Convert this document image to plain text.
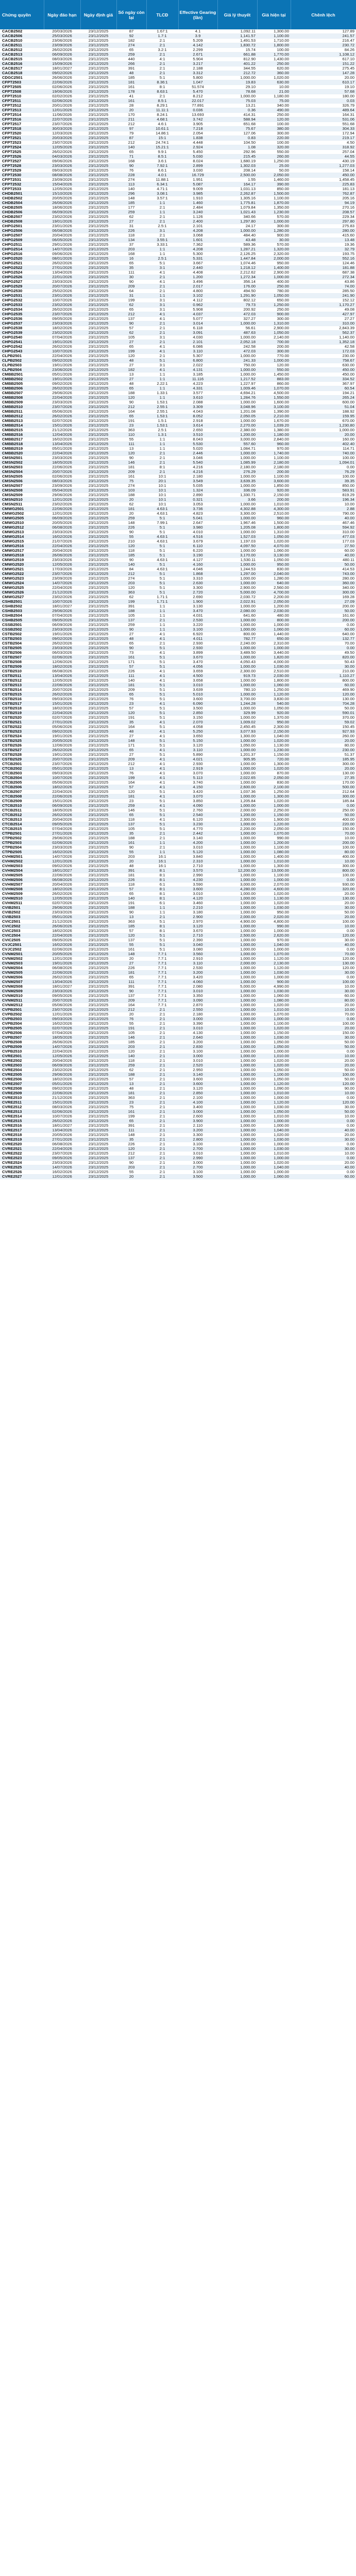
Chứng quyền	Ngày đáo hạn	Ngày định giá	Số ngày còn lại	TLCĐ	Effective Gearing (lần)	Giá lý thuyết	Giá hiện tại	Chênh lệch
CACB2502	20/03/2026	23/12/2025	87	1.67:1	4.1	1,092.11	1,300.00	127.89
CACB2506	25/03/2026	23/12/2025	92	1.7:1	3.9	1,141.57	1,100.00	241.57
CACB2510	23/06/2026	23/12/2025	182	2:1	5.209	1,491.53	1,710.00	216.47
CACB2511	23/09/2026	23/12/2025	274	2:1	4.142	1,830.72	1,800.00	230.72
CACB2512	26/02/2026	23/12/2025	65	3.2:1	2.299	15.74	100.00	84.26
CACB2513	06/09/2026	23/12/2025	259	2:1	2.671	661.88	1,770.00	1,108.12
CACB2515	08/03/2026	23/12/2025	440	4:1	5.904	812.90	1,430.00	617.10
CACB2516	15/09/2026	23/12/2025	266	2:1	3.217	401.22	250.00	151.22
CACB2517	18/01/2027	23/12/2025	391	2:1	2.188	344.55	620.00	275.45
CACB2518	09/02/2026	23/12/2025	48	2:1	3.312	212.72	360.00	147.28
CDGC2501	26/06/2026	23/12/2025	185	5:1	5.800	1,000.00	1,020.00	20.00
CFPT2503	22/06/2026	23/12/2025	181	8.36:1	1.047	19.83	630.00	610.17
CFPT2505	02/06/2026	23/12/2025	161	8:1	51.574	29.10	10.00	19.10
CFPT2508	19/06/2026	23/12/2025	178	8.63:1	5.470	78.68	21.00	57.68
CFPT2510	02/02/2026	23/12/2025	41	2:1	8.212	1,000.00	1,180.00	180.00
CFPT2511	02/06/2026	23/12/2025	161	8.5:1	22.017	75.03	75.00	0.03
CFPT2512	20/01/2026	23/12/2025	28	8.29:1	77.891	13.21	340.00	326.79
CFPT2513	12/01/2026	23/12/2025	20	11.11:1	0.036	0.36	490.00	489.64
CFPT2514	11/06/2026	23/12/2025	170	8.24:1	13.693	414.31	250.00	164.31
CFPT2516	22/07/2026	23/12/2025	211	4.68:1	3.742	588.94	120.00	531.06
CFPT2517	23/07/2026	23/12/2025	212	4.6:1	3.905	651.68	100.00	551.68
CFPT2518	30/03/2026	23/12/2025	97	10.61:1	7.218	75.67	380.00	304.33
CFPT2520	12/03/2026	23/12/2025	79	14.86:1	2.054	127.06	300.00	172.94
CFPT2521	20/03/2026	23/12/2025	87	15:1	1.838	0.83	220.00	219.17
CFPT2523	23/07/2026	23/12/2025	212	24.74:1	4.448	104.50	100.00	4.50
CFPT2524	12/05/2026	23/12/2025	140	15.21:1	2.924	1.08	320.00	318.92
CFPT2525	26/02/2026	23/12/2025	65	9.9:1	5.450	292.96	550.00	257.04
CFPT2526	04/03/2026	23/12/2025	71	8.5:1	5.030	215.45	260.00	44.55
CFPT2527	09/06/2026	23/12/2025	168	3.6:1	8.024	1,680.19	1,250.00	430.19
CFPT2528	23/03/2026	23/12/2025	90	7.92:1	2.899	1,302.03	25.00	1,277.03
CFPT2529	09/03/2026	23/12/2025	76	8.6:1	3.030	208.14	50.00	158.14
CFPT2530	08/08/2026	23/12/2025	228	4.0:1	16.729	2,500.00	2,050.00	450.00
CFPT2531	23/09/2026	23/12/2025	274	11.88:1	1.951	1.55	1,460.00	1,458.45
CFPT2532	15/04/2026	23/12/2025	113	6.34:1	5.087	164.17	390.00	225.83
CFPT2533	12/05/2026	23/12/2025	140	4.71:1	9.009	1,031.13	850.00	181.13
CHDB2501	15/10/2026	23/12/2025	296	3.08:1	3.985	2,262.87	1,500.00	762.87
CHDB2502	20/05/2026	23/12/2025	148	3.57:1	1.910	1,305.16	1,100.00	205.16
CHDB2504	26/06/2026	23/12/2025	185	1:1	1.460	1,775.81	1,870.00	94.19
CHDB2505	18/06/2026	23/12/2025	177	2:1	2.484	1,079.84	1,350.00	270.16
CHDB2506	06/09/2026	23/12/2025	259	1:1	3.240	1,021.43	1,230.00	208.57
CHDB2507	23/02/2026	23/12/2025	62	2:1	1.126	340.66	570.00	229.34
CHDB2508	19/01/2026	23/12/2025	27	2:1	2.400	1,297.80	1,000.00	297.80
CHPG2501	23/01/2026	23/12/2025	31	2.5:1	2.101	24.17	300.00	275.83
CHPG2506	06/08/2026	23/12/2025	226	3:1	4.208	1,000.00	1,280.00	280.00
CHPG2507	20/04/2026	23/12/2025	118	2:1	3.068	484.40	900.00	415.60
CHPG2509	06/05/2026	23/12/2025	134	3.55:1	1.601	43.48	30.00	13.48
CHPG2511	29/01/2026	23/12/2025	37	3.33:1	7.362	589.36	570.00	19.36
CHPG2514	14/07/2026	23/12/2025	203	1:1	4.208	1,287.21	1,320.00	32.79
CHPG2516	09/06/2026	23/12/2025	168	1:1	5.300	2,126.25	2,320.00	193.75
CHPG2520	08/01/2026	23/12/2025	16	2.5:1	5.331	1,447.84	2,000.00	552.16
CHPG2521	26/02/2026	23/12/2025	65	5:1	3.667	1,074.46	950.00	124.46
CHPG2522	27/01/2026	23/12/2025	35	3:1	2.440	1,218.12	1,400.00	181.88
CHPG2524	13/04/2026	23/12/2025	111	4:1	4.408	2,212.62	2,900.00	687.38
CHPG2526	22/01/2026	23/12/2025	30	2:1	1.200	1,272.34	1,000.00	272.34
CHPG2527	23/03/2026	23/12/2025	90	4:1	3.496	356.14	400.00	43.86
CHPG2529	20/07/2026	23/12/2025	209	2:1	2.017	176.00	250.00	74.00
CHPG2530	25/02/2026	23/12/2025	64	2:1	4.800	494.50	780.00	285.50
CHPG2531	23/01/2026	23/12/2025	31	1:1	3.102	1,291.90	1,050.00	241.90
CHPG2532	10/07/2026	23/12/2025	199	3:1	4.112	802.12	650.00	152.12
CHPG2533	23/02/2026	23/12/2025	62	3:1	0.962	79.73	1,250.00	1,170.27
CHPG2534	26/02/2026	23/12/2025	65	3:1	5.908	200.92	250.00	49.08
CHPG2535	23/07/2026	23/12/2025	212	4:1	4.037	472.03	900.00	427.97
CHPG2536	09/05/2026	23/12/2025	137	4:1	5.077	327.27	300.00	27.27
CHPG2537	23/03/2026	23/12/2025	90	2:1	3.014	1,000.00	1,310.00	310.00
CHPG2538	18/02/2026	23/12/2025	57	2:1	6.118	56.61	2,900.00	2,843.39
CHPG2539	23/02/2026	23/12/2025	62	2:1	3.091	487.63	1,050.00	562.37
CHPG2540	07/04/2026	23/12/2025	105	3:1	4.030	1,000.00	2,140.00	1,140.00
CHPG2541	19/01/2026	23/12/2025	27	2:1	2.101	2,052.18	700.00	1,352.18
CHPG2542	26/02/2026	23/12/2025	65	4:1	6.086	242.58	200.00	42.58
CHPG2543	10/07/2026	23/12/2025	199	4:1	3.110	472.03	300.00	172.03
CLPB2501	22/04/2026	23/12/2025	120	2:1	5.307	1,000.00	770.00	230.00
CLPB2502	09/02/2026	23/12/2025	48	5:1	6.800	241.33	1,000.00	758.67
CLPB2503	19/01/2026	23/12/2025	27	3:1	2.022	750.00	120.00	630.00
CLPB2504	23/06/2026	23/12/2025	182	4:1	4.131	1,000.00	550.00	450.00
CMBB2501	05/01/2026	23/12/2025	13	1:1	3.185	1,000.00	1,450.00	450.00
CMBB2502	19/01/2026	23/12/2025	27	1:1	11.116	1,217.52	883.00	334.52
CMBB2505	09/02/2026	23/12/2025	48	2.22:1	4.223	1,227.97	860.00	367.97
CMBB2506	26/02/2026	23/12/2025	65	1:1	4.331	1,009.46	1,070.00	60.54
CMBB2507	29/06/2026	23/12/2025	188	1.33:1	3.577	4,694.21	4,500.00	194.21
CMBB2508	22/04/2026	23/12/2025	120	1:1	3.610	1,284.76	1,550.00	265.24
CMBB2509	23/03/2026	23/12/2025	90	1.53:1	2.088	1,000.00	1,600.00	600.00
CMBB2510	23/07/2026	23/12/2025	212	2.55:1	3.309	3,048.96	3,100.00	51.04
CMBB2511	05/06/2026	23/12/2025	164	2.55:1	4.043	1,201.08	1,390.00	188.92
CMBB2512	26/02/2026	23/12/2025	65	1.53:1	8.052	2,050.05	2,210.00	159.95
CMBB2513	02/07/2026	23/12/2025	191	1.5:1	2.918	1,000.00	1,670.00	670.00
CMBB2514	15/01/2026	23/12/2025	23	1.53:1	3.614	2,270.00	1,039.20	1,230.80
CMBB2515	21/12/2026	23/12/2025	363	2.5:1	2.650	2,380.00	1,380.00	1,000.00
CMBB2516	12/04/2026	23/12/2025	110	1.3:1	3.510	1,200.00	1,180.00	20.00
CMBB2517	16/02/2026	23/12/2025	55	1:1	8.043	3,000.00	2,840.00	160.00
CMBB2518	13/04/2026	23/12/2025	111	1:1	5.530	557.60	960.00	402.40
CMBB2519	05/01/2026	23/12/2025	13	1:1	5.020	1,084.71	970.00	114.71
CMBB2520	22/04/2026	23/12/2025	120	2:1	2.446	1,000.00	1,740.00	740.00
CMSN2501	23/03/2026	23/12/2025	90	2:1	3.046	1,000.00	1,100.00	100.00
CMSN2502	18/05/2026	23/12/2025	146	2:1	5.540	1,085.99	2,180.00	1,094.01
CMSN2503	22/06/2026	23/12/2025	181	8:1	4.216	2,180.00	2,180.00	0.00
CMSN2504	20/07/2026	23/12/2025	209	2:1	4.216	276.29	200.00	76.29
CMSN2505	02/06/2026	23/12/2025	161	10:1	2.180	1,000.00	1,100.00	100.00
CMSN2506	08/03/2026	23/12/2025	75	20:1	3.549	3,639.35	3,600.00	39.35
CMSN2507	23/09/2026	23/12/2025	274	10:1	5.035	1,000.00	1,850.00	850.00
CMSN2508	05/04/2026	23/12/2025	103	10:1	1.324	336.09	920.00	583.91
CMSN2509	29/06/2026	23/12/2025	188	10:1	2.890	1,330.71	2,150.00	819.29
CMSN2510	12/01/2026	23/12/2025	20	10:1	0.321	3.66	200.00	196.34
CMSN2511	23/02/2026	23/12/2025	62	10:1	3.053	1,000.00	1,010.00	10.00
CMWG2501	22/06/2026	23/12/2025	181	4.63:1	3.736	4,302.88	4,300.00	2.88
CMWG2502	12/01/2026	23/12/2025	20	4.63:1	4.823	3,300.00	2,510.00	790.00
CMWG2505	06/09/2026	23/12/2025	259	5:1	5.041	1,000.00	960.00	40.00
CMWG2510	20/05/2026	23/12/2025	148	7.99:1	2.647	1,967.46	1,500.00	467.46
CMWG2512	06/08/2026	23/12/2025	226	5:1	3.980	1,205.08	1,800.00	594.92
CMWG2513	23/03/2026	23/12/2025	90	5:1	4.010	1,000.00	1,310.00	310.00
CMWG2514	16/02/2026	23/12/2025	55	4.63:1	4.516	1,527.03	1,050.00	477.03
CMWG2515	21/07/2026	23/12/2025	210	4.63:1	3.679	1,197.03	1,020.00	177.03
CMWG2516	22/04/2026	23/12/2025	120	5:1	6.110	4,097.50	4,070.00	27.50
CMWG2517	20/04/2026	23/12/2025	118	5:1	6.220	1,000.00	1,060.00	60.00
CMWG2518	26/06/2026	23/12/2025	185	5:1	3.190	3,170.00	3,130.00	40.00
CMWG2519	23/03/2026	23/12/2025	90	4.63:1	4.127	1,530.11	1,050.00	480.11
CMWG2520	12/05/2026	23/12/2025	140	5:1	4.160	1,000.00	950.00	50.00
CMWG2521	17/03/2026	23/12/2025	84	4.63:1	4.046	1,244.53	830.00	414.53
CMWG2522	23/07/2026	23/12/2025	212	5:1	1.868	1,297.00	2,040.00	743.00
CMWG2523	23/09/2026	23/12/2025	274	5:1	3.310	1,000.00	1,280.00	280.00
CMWG2524	14/07/2026	23/12/2025	203	5:1	2.630	1,000.00	640.00	360.00
CMWG2525	22/04/2026	23/12/2025	120	5:1	3.300	2,900.00	2,560.00	340.00
CMWG2526	21/12/2026	23/12/2025	363	5:1	2.720	5,000.00	4,700.00	300.00
CMWG2527	23/02/2026	23/12/2025	62	1.71:1	2.690	2,030.72	2,200.00	169.28
CSHB2501	10/07/2026	23/12/2025	199	1.71:1	1.900	2,022.91	2,050.00	27.09
CSHB2502	18/01/2027	23/12/2025	391	1:1	3.130	1,000.00	1,200.00	200.00
CSHB2503	29/06/2026	23/12/2025	188	1:1	3.470	2,080.00	2,030.00	50.00
CSHB2504	07/04/2026	23/12/2025	105	1:1	4.031	641.60	480.00	161.60
CSHB2505	09/05/2026	23/12/2025	137	2:1	2.530	1,000.00	800.00	200.00
CSSB2501	06/09/2026	23/12/2025	259	1:1	3.220	1,000.00	1,000.00	0.00
CSSB2502	23/03/2026	23/12/2025	90	1:1	3.100	1,000.00	1,060.00	60.00
CSTB2502	19/01/2026	23/12/2025	27	4:1	6.920	800.00	1,440.00	640.00
CSTB2503	09/02/2026	23/12/2025	48	4:1	4.011	782.77	650.00	132.77
CSTB2504	26/02/2026	23/12/2025	65	2:1	2.930	2,240.00	2,310.00	70.00
CSTB2505	23/03/2026	23/12/2025	90	5:1	2.930	1,000.00	1,000.00	0.00
CSTB2506	06/03/2026	23/12/2025	73	4:1	3.899	3,489.50	3,440.00	49.50
CSTB2507	02/06/2026	23/12/2025	161	5:1	3.670	1,000.00	1,820.00	820.00
CSTB2508	12/06/2026	23/12/2025	171	5:1	3.470	4,050.43	4,000.00	50.43
CSTB2509	18/02/2026	23/12/2025	57	5:1	4.056	1,000.00	1,030.00	30.00
CSTB2510	06/08/2026	23/12/2025	226	4:1	3.659	2,300.00	2,510.00	210.00
CSTB2511	13/04/2026	23/12/2025	111	4:1	4.500	919.73	2,030.00	1,110.27
CSTB2512	12/05/2026	23/12/2025	140	4:1	3.658	1,000.00	1,800.00	800.00
CSTB2513	22/06/2026	23/12/2025	181	5:1	3.010	1,000.00	1,060.00	60.00
CSTB2514	20/07/2026	23/12/2025	209	5:1	3.639	780.10	1,250.00	469.90
CSTB2515	26/02/2026	23/12/2025	65	5:1	5.010	1,000.00	1,120.00	120.00
CSTB2516	09/03/2026	23/12/2025	76	5:1	3.600	3,700.00	3,830.00	130.00
CSTB2517	15/01/2026	23/12/2025	23	4:1	6.090	1,244.28	540.00	704.28
CSTB2518	18/02/2026	23/12/2025	57	5:1	3.500	1,000.00	1,050.00	50.00
CSTB2519	22/04/2026	23/12/2025	120	5:1	2.850	329.99	920.00	590.01
CSTB2520	02/07/2026	23/12/2025	191	5:1	3.150	1,000.00	1,370.00	370.00
CSTB2521	27/01/2026	23/12/2025	35	4:1	2.070	1,009.02	950.00	59.02
CSTB2522	05/06/2026	23/12/2025	164	5:1	4.058	2,450.45	2,300.00	150.45
CSTB2523	09/02/2026	23/12/2025	48	4:1	5.250	3,077.93	2,150.00	927.93
CSTB2524	19/01/2026	23/12/2025	27	4:1	3.650	1,300.00	1,040.00	260.00
CSTB2525	20/05/2026	23/12/2025	148	5:1	5.150	1,000.00	1,020.00	20.00
CSTB2526	12/06/2026	23/12/2025	171	5:1	3.120	1,050.00	1,130.00	80.00
CSTB2527	26/02/2026	23/12/2025	65	4:1	3.110	1,000.00	1,230.00	230.00
CSTB2528	19/01/2026	23/12/2025	27	5:1	5.890	1,201.37	1,150.00	51.37
CSTB2529	20/07/2026	23/12/2025	209	4:1	4.021	905.95	720.00	185.95
CTCB2501	23/07/2026	23/12/2025	212	4:1	2.930	1,000.00	1,300.00	300.00
CTCB2502	05/01/2026	23/12/2025	13	4:1	2.919	1,000.00	1,020.00	20.00
CTCB2503	09/03/2026	23/12/2025	76	4:1	3.070	1,000.00	870.00	130.00
CTCB2504	10/07/2026	23/12/2025	199	4:1	5.113	2,022.65	2,050.00	27.35
CTCB2505	05/06/2026	23/12/2025	164	4:1	3.740	1,000.00	830.00	170.00
CTCB2506	18/02/2026	23/12/2025	57	4:1	4.150	2,600.00	2,100.00	500.00
CTCB2507	22/04/2026	23/12/2025	120	5:1	3.420	1,037.36	1,250.00	212.64
CTCB2508	22/06/2026	23/12/2025	181	4:1	3.070	1,000.00	1,300.00	300.00
CTCB2509	15/01/2026	23/12/2025	23	5:1	3.850	1,205.84	1,020.00	185.84
CTCB2510	06/09/2026	23/12/2025	259	4:1	4.090	1,000.00	1,000.00	0.00
CTCB2511	18/05/2026	23/12/2025	146	5:1	2.760	2,000.00	2,250.00	250.00
CTCB2512	26/02/2026	23/12/2025	65	5:1	2.540	1,200.00	1,150.00	50.00
CTCB2513	20/04/2026	23/12/2025	118	4:1	6.120	2,300.00	1,900.00	400.00
CTCB2514	09/05/2026	23/12/2025	137	5:1	3.230	1,000.00	1,220.00	220.00
CTCB2515	07/04/2026	23/12/2025	105	5:1	4.770	2,200.00	2,050.00	150.00
CTPB2501	27/01/2026	23/12/2025	35	2:1	2.442	1,000.00	1,070.00	70.00
CTPB2502	29/06/2026	23/12/2025	188	2:1	3.140	1,000.00	990.00	10.00
CTPB2503	02/06/2026	23/12/2025	161	1:1	4.200	1,000.00	1,200.00	200.00
CTPB2504	23/03/2026	23/12/2025	90	2:1	3.010	1,000.00	1,100.00	100.00
CTPB2505	16/02/2026	23/12/2025	55	1:1	5.120	1,000.00	1,080.00	80.00
CVHM2501	14/07/2026	23/12/2025	203	16:1	3.840	1,000.00	1,400.00	400.00
CVHM2502	12/01/2026	23/12/2025	20	16:1	2.310	1,000.00	1,010.00	10.00
CVHM2503	09/02/2026	23/12/2025	48	16:1	2.710	1,000.00	1,300.00	300.00
CVHM2504	18/01/2027	23/12/2025	391	8:1	3.570	12,200.00	13,000.00	800.00
CVHM2505	22/06/2026	23/12/2025	181	8:1	2.990	1,000.00	1,100.00	100.00
CVHM2506	06/08/2026	23/12/2025	226	8:1	4.230	1,000.00	1,000.00	0.00
CVHM2507	20/04/2026	23/12/2025	118	6:1	3.590	3,000.00	2,070.00	930.00
CVHM2508	18/02/2026	23/12/2025	57	8:1	3.600	4,280.00	4,600.00	320.00
CVHM2509	26/02/2026	23/12/2025	65	8:1	3.010	1,000.00	1,020.00	20.00
CVHM2510	12/05/2026	23/12/2025	140	8:1	4.120	1,000.00	1,130.00	130.00
CVHM2511	02/07/2026	23/12/2025	191	6:1	3.460	1,000.00	1,020.00	20.00
CVIB2501	29/06/2026	23/12/2025	188	1:1	2.210	1,000.00	1,030.00	30.00
CVIB2502	23/03/2026	23/12/2025	90	1:1	3.180	1,000.00	950.00	50.00
CVIB2503	05/01/2026	23/12/2025	13	2:1	2.900	2,000.00	2,020.00	20.00
CVIC2501	21/12/2026	23/12/2025	363	5:1	2.970	4,900.00	4,800.00	100.00
CVIC2502	26/06/2026	23/12/2025	185	8:1	3.120	1,000.00	990.00	10.00
CVIC2503	18/02/2026	23/12/2025	57	8:1	3.670	1,000.00	1,000.00	0.00
CVIC2504	22/04/2026	23/12/2025	120	5:1	2.710	2,500.00	2,620.00	120.00
CVIC2505	09/05/2026	23/12/2025	137	5:1	2.390	1,000.00	970.00	30.00
CVJC2501	16/02/2026	23/12/2025	55	5:1	3.040	1,000.00	1,040.00	40.00
CVJC2502	02/06/2026	23/12/2025	161	5:1	3.080	1,000.00	1,000.00	0.00
CVNM2501	20/05/2026	23/12/2025	148	7.7:1	3.560	1,000.00	1,070.00	70.00
CVNM2502	12/01/2026	23/12/2025	20	7.7:1	2.910	1,000.00	1,120.00	120.00
CVNM2503	19/01/2026	23/12/2025	27	7.7:1	3.110	2,000.00	2,130.00	130.00
CVNM2504	06/08/2026	23/12/2025	226	7.7:1	2.530	1,000.00	1,120.00	120.00
CVNM2505	22/06/2026	23/12/2025	181	7.7:1	3.200	1,000.00	1,030.00	30.00
CVNM2506	26/02/2026	23/12/2025	65	7.7:1	3.420	1,000.00	1,000.00	0.00
CVNM2507	13/04/2026	23/12/2025	111	7.7:1	4.060	1,000.00	900.00	100.00
CVNM2508	18/01/2027	23/12/2025	391	7.7:1	2.080	5,000.00	4,990.00	10.00
CVNM2509	23/03/2026	23/12/2025	90	7.7:1	3.010	1,000.00	1,030.00	30.00
CVNM2510	09/05/2026	23/12/2025	137	7.7:1	3.350	1,000.00	1,060.00	60.00
CVNM2511	20/07/2026	23/12/2025	209	7.7:1	3.090	1,000.00	1,080.00	80.00
CVNM2512	05/06/2026	23/12/2025	164	7.7:1	2.870	1,000.00	1,020.00	20.00
CVPB2501	23/07/2026	23/12/2025	212	2:1	2.550	1,000.00	1,010.00	10.00
CVPB2502	12/01/2026	23/12/2025	20	2:1	2.180	1,000.00	1,070.00	70.00
CVPB2503	09/03/2026	23/12/2025	76	2:1	3.000	1,000.00	1,000.00	0.00
CVPB2504	16/02/2026	23/12/2025	55	2:1	3.390	1,000.00	1,100.00	100.00
CVPB2505	02/07/2026	23/12/2025	191	2:1	3.010	1,000.00	1,020.00	20.00
CVPB2506	07/04/2026	23/12/2025	105	2:1	4.130	1,000.00	1,150.00	150.00
CVPB2507	18/05/2026	23/12/2025	146	2:1	2.640	1,000.00	1,030.00	30.00
CVPB2508	26/06/2026	23/12/2025	185	2:1	3.200	1,000.00	1,050.00	50.00
CVPB2509	14/07/2026	23/12/2025	203	2:1	2.830	1,000.00	1,050.00	50.00
CVPB2510	22/04/2026	23/12/2025	120	2:1	3.100	1,000.00	1,000.00	0.00
CVRE2501	12/05/2026	23/12/2025	140	2:1	3.000	1,000.00	1,010.00	10.00
CVRE2502	20/04/2026	23/12/2025	118	2:1	3.010	1,000.00	1,020.00	20.00
CVRE2503	06/09/2026	23/12/2025	259	2:1	2.520	1,000.00	1,020.00	20.00
CVRE2504	23/02/2026	23/12/2025	62	2:1	2.950	1,000.00	1,050.00	50.00
CVRE2505	29/06/2026	23/12/2025	188	2:1	3.140	1,000.00	1,100.00	100.00
CVRE2506	18/02/2026	23/12/2025	57	2:1	3.600	1,000.00	1,050.00	50.00
CVRE2507	05/01/2026	23/12/2025	13	2:1	3.600	1,000.00	1,120.00	120.00
CVRE2508	09/02/2026	23/12/2025	48	2:1	3.120	1,000.00	1,090.00	90.00
CVRE2509	22/06/2026	23/12/2025	181	2:1	2.850	1,000.00	1,010.00	10.00
CVRE2510	21/12/2026	23/12/2025	363	2:1	2.100	1,000.00	1,000.00	0.00
CVRE2511	15/01/2026	23/12/2025	23	2:1	4.100	1,000.00	1,120.00	120.00
CVRE2512	08/03/2026	23/12/2025	75	2:1	3.400	1,000.00	1,030.00	30.00
CVRE2513	02/06/2026	23/12/2025	161	2:1	3.000	1,000.00	1,050.00	50.00
CVRE2514	10/07/2026	23/12/2025	199	2:1	2.600	1,000.00	1,010.00	10.00
CVRE2515	26/02/2026	23/12/2025	65	2:1	3.900	1,000.00	1,000.00	0.00
CVRE2516	18/01/2027	23/12/2025	391	2:1	2.110	1,000.00	1,000.00	0.00
CVRE2517	13/04/2026	23/12/2025	111	2:1	3.200	1,000.00	1,040.00	40.00
CVRE2518	20/05/2026	23/12/2025	148	2:1	3.300	1,000.00	1,020.00	20.00
CVRE2519	27/01/2026	23/12/2025	35	2:1	2.800	1,000.00	1,030.00	30.00
CVRE2520	06/08/2026	23/12/2025	226	2:1	3.100	1,000.00	1,000.00	0.00
CVRE2521	22/04/2026	23/12/2025	120	2:1	2.700	1,000.00	1,030.00	30.00
CVRE2522	23/07/2026	23/12/2025	212	2:1	3.010	1,000.00	1,010.00	10.00
CVRE2523	09/05/2026	23/12/2025	137	2:1	2.990	1,000.00	1,000.00	0.00
CVRE2524	23/03/2026	23/12/2025	90	2:1	3.000	1,000.00	1,020.00	20.00
CVRE2525	14/07/2026	23/12/2025	203	2:1	2.700	1,000.00	1,040.00	40.00
CVRE2526	16/02/2026	23/12/2025	55	2:1	3.100	1,000.00	1,000.00	0.00
CVRE2527	12/01/2026	23/12/2025	20	2:1	3.500	1,000.00	1,060.00	60.00
